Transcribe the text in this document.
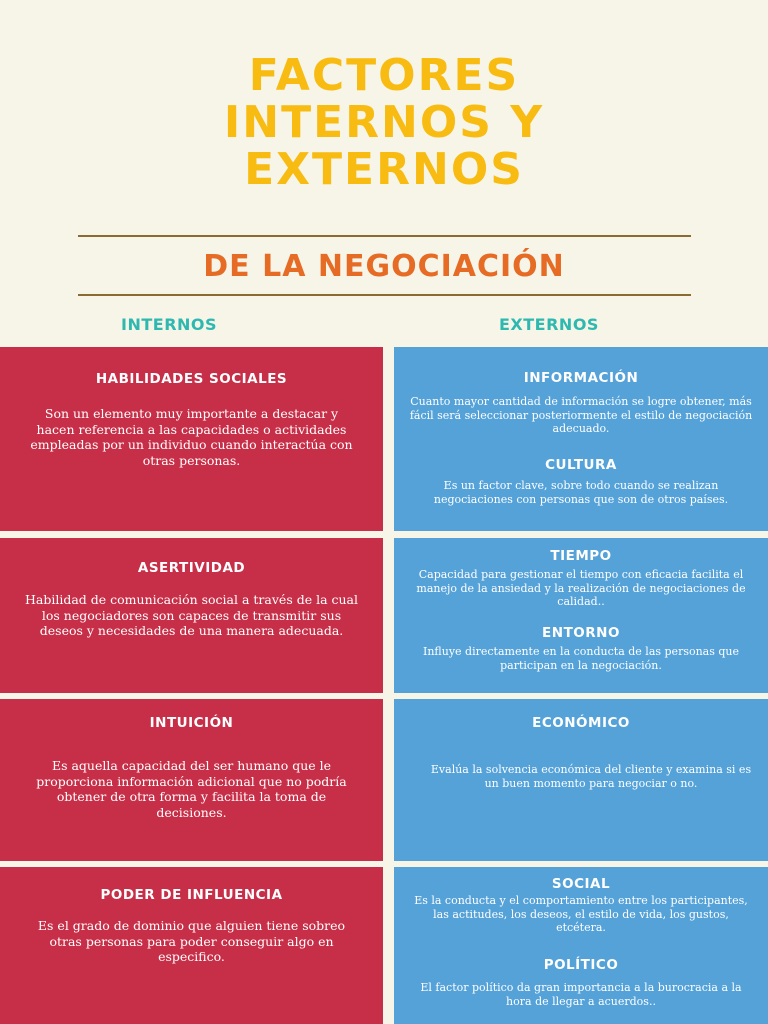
FACTORES
INTERNOS Y
EXTERNOS
DE LA NEGOCIACIÓN
INTERNOS	EXTERNOS
HABILIDADES SOCIALES

Son un elemento muy importante a destacar y hacen referencia a las capacidades o actividades empleadas por un individuo cuando interactúa con otras personas.

ASERTIVIDAD

Habilidad de comunicación social a través de la cual los negociadores son capaces de transmitir sus deseos y necesidades de una manera adecuada.

INTUICIÓN

Es aquella capacidad del ser humano que le proporciona información adicional que no podría obtener de otra forma y facilita la toma de decisiones.

PODER DE INFLUENCIA

Es el grado de dominio que alguien tiene sobreo otras personas para poder conseguir algo en especifico.

INFORMACIÓN

Cuanto mayor cantidad de información se logre obtener, más fácil será seleccionar posteriormente el estilo de negociación adecuado.

CULTURA

Es un factor clave, sobre todo cuando se realizan negociaciones con personas que son de otros países.

TIEMPO

Capacidad para gestionar el tiempo con eficacia facilita el manejo de la ansiedad y la realización de negociaciones de calidad..

ENTORNO

Influye directamente en la conducta de las personas que participan en la negociación.

ECONÓMICO

Evalúa la solvencia económica del cliente y examina si es un buen momento para negociar o no.

SOCIAL

Es la conducta y el comportamiento entre los participantes, las actitudes, los deseos, el estilo de vida, los gustos, etcétera.

POLÍTICO

El factor político da gran importancia a la burocracia a la hora de llegar a acuerdos..
